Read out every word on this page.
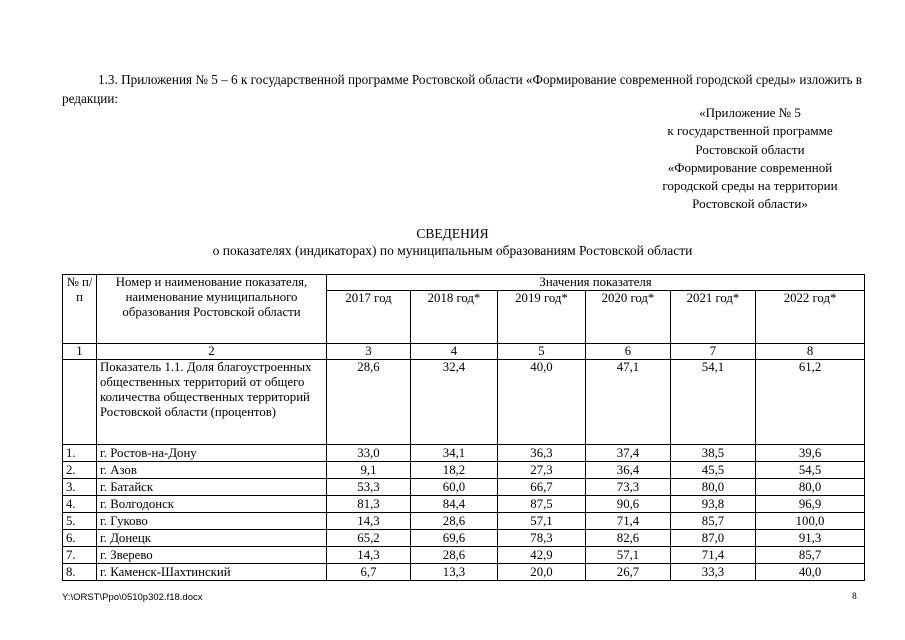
1.3. Приложения № 5 – 6 к государственной программе Ростовской области «Формирование современной городской среды» изложить в редакции:
«Приложение № 5
к государственной программе
Ростовской области
«Формирование современной
городской среды на территории
Ростовской области»
СВЕДЕНИЯ
о показателях (индикаторах) по муниципальным образованиям Ростовской области
№ п/п	Номер и наименование показателя, наименование муниципального образования Ростовской области	Значения показателя					
		2017 год	2018 год*	2019 год*	2020 год*	2021 год*	2022 год*
1	2	3	4	5	6	7	8
	Показатель 1.1. Доля благоустроенных общественных территорий от общего количества общественных территорий Ростовской области (процентов)	28,6	32,4	40,0	47,1	54,1	61,2
1.	г. Ростов-на-Дону	33,0	34,1	36,3	37,4	38,5	39,6
2.	г. Азов	9,1	18,2	27,3	36,4	45,5	54,5
3.	г. Батайск	53,3	60,0	66,7	73,3	80,0	80,0
4.	г. Волгодонск	81,3	84,4	87,5	90,6	93,8	96,9
5.	г. Гуково	14,3	28,6	57,1	71,4	85,7	100,0
6.	г. Донецк	65,2	69,6	78,3	82,6	87,0	91,3
7.	г. Зверево	14,3	28,6	42,9	57,1	71,4	85,7
8.	г. Каменск-Шахтинский	6,7	13,3	20,0	26,7	33,3	40,0
Y:\ORST\Ppo\0510p302.f18.docx	8
